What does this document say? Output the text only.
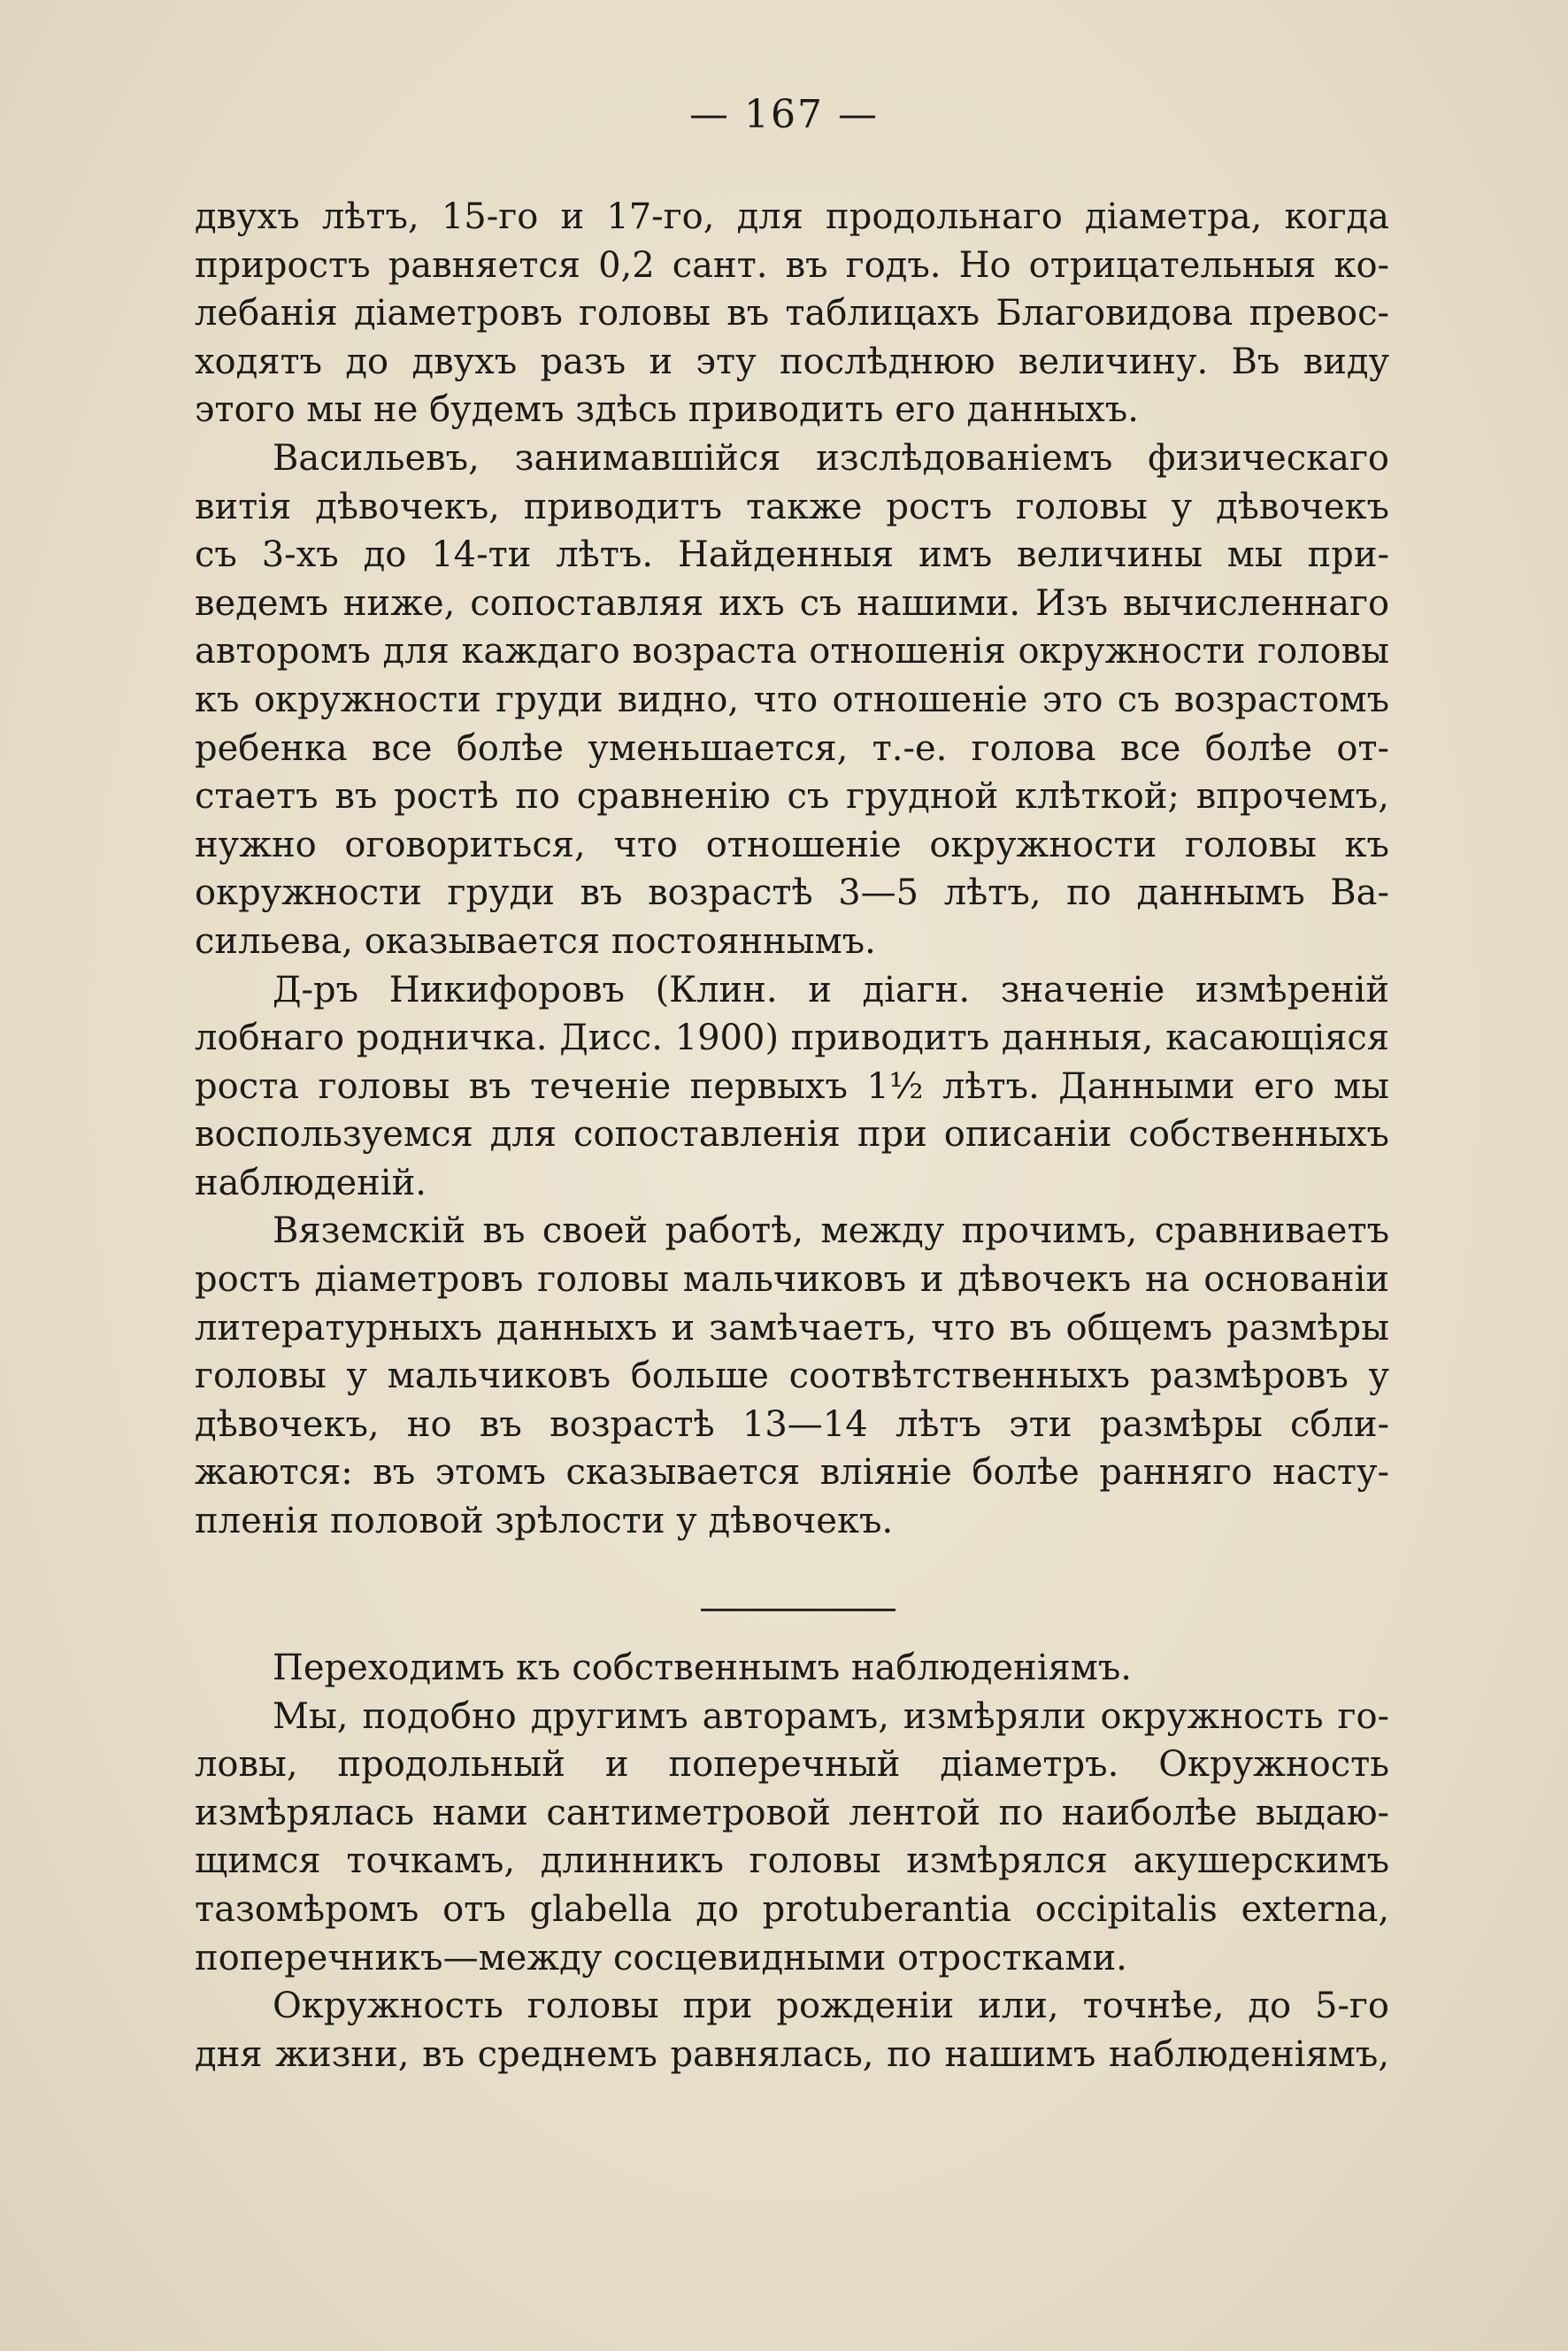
— 167 —
двухъ лѣтъ, 15-го и 17-го, для продольнаго діаметра, когда
приростъ равняется 0,2 сант. въ годъ. Но отрицательныя ко-
лебанія діаметровъ головы въ таблицахъ Благовидова превос-
ходятъ до двухъ разъ и эту послѣднюю величину. Въ виду
этого мы не будемъ здѣсь приводить его данныхъ.
Васильевъ, занимавшійся изслѣдованіемъ физическаго
витія дѣвочекъ, приводитъ также ростъ головы у дѣвочекъ
съ 3-хъ до 14-ти лѣтъ. Найденныя имъ величины мы при-
ведемъ ниже, сопоставляя ихъ съ нашими. Изъ вычисленнаго
авторомъ для каждаго возраста отношенія окружности головы
къ окружности груди видно, что отношеніе это съ возрастомъ
ребенка все болѣе уменьшается, т.-е. голова все болѣе от-
стаетъ въ ростѣ по сравненію съ грудной клѣткой; впрочемъ,
нужно оговориться, что отношеніе окружности головы къ
окружности груди въ возрастѣ 3—5 лѣтъ, по даннымъ Ва-
сильева, оказывается постояннымъ.
Д-ръ Никифоровъ (Клин. и діагн. значеніе измѣреній
лобнаго родничка. Дисс. 1900) приводитъ данныя, касающіяся
роста головы въ теченіе первыхъ 1½ лѣтъ. Данными его мы
воспользуемся для сопоставленія при описаніи собственныхъ
наблюденій.
Вяземскій въ своей работѣ, между прочимъ, сравниваетъ
ростъ діаметровъ головы мальчиковъ и дѣвочекъ на основаніи
литературныхъ данныхъ и замѣчаетъ, что въ общемъ размѣры
головы у мальчиковъ больше соотвѣтственныхъ размѣровъ у
дѣвочекъ, но въ возрастѣ 13—14 лѣтъ эти размѣры сбли-
жаются: въ этомъ сказывается вліяніе болѣе ранняго насту-
пленія половой зрѣлости у дѣвочекъ.
Переходимъ къ собственнымъ наблюденіямъ.
Мы, подобно другимъ авторамъ, измѣряли окружность го-
ловы, продольный и поперечный діаметръ. Окружность
измѣрялась нами сантиметровой лентой по наиболѣе выдаю-
щимся точкамъ, длинникъ головы измѣрялся акушерскимъ
тазомѣромъ отъ glabella до protuberantia occipitalis externa,
поперечникъ—между сосцевидными отростками.
Окружность головы при рожденіи или, точнѣе, до 5-го
дня жизни, въ среднемъ равнялась, по нашимъ наблюденіямъ,
